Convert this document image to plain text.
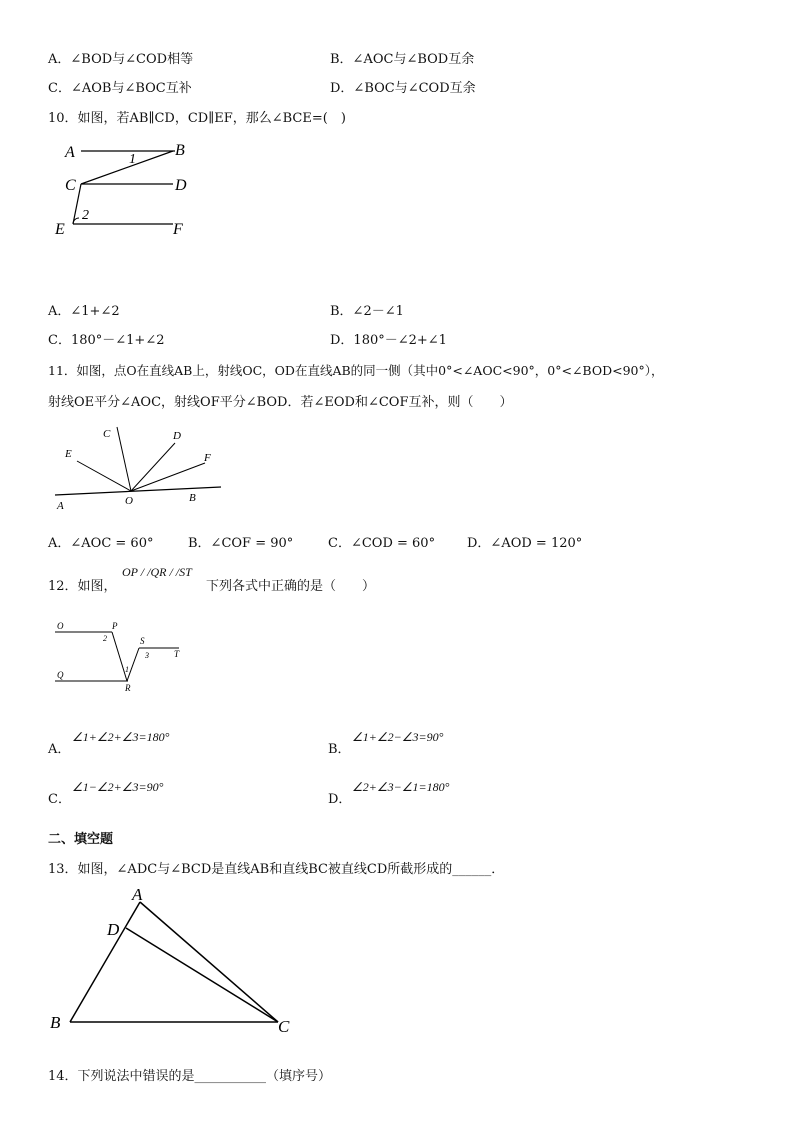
A．∠BOD与∠COD相等	B．∠AOC与∠BOD互余
C．∠AOB与∠BOC互补	D．∠BOC与∠COD互余
10．如图，若AB∥CD，CD∥EF，那么∠BCE=(　)
A	B
C	D
E	F
1
2
A．∠1+∠2	B．∠2－∠1
C．180°－∠1+∠2	D．180°－∠2+∠1
11．如图，点O在直线AB上，射线OC，OD在直线AB的同一侧（其中0°<∠AOC<90°，0°<∠BOD<90°），
射线OE平分∠AOC，射线OF平分∠BOD．若∠EOD和∠COF互补，则（　　）
A
B
C	D
E	F
O
A．∠AOC = 60°	B．∠COF = 90°	C．∠COD = 60° D．∠AOD = 120°
12．如图，
OP / /QR / /ST
下列各式中正确的是（　　）
O	P
Q
R
S
T
1
2
3
A．
∠1+∠2+∠3=180°
B．
∠1+∠2−∠3=90°
C．
∠1−∠2+∠3=90°
D．
∠2+∠3−∠1=180°
二、填空题
13．如图，∠ADC与∠BCD是直线AB和直线BC被直线CD所截形成的______．
A
D
B	C
14．下列说法中错误的是___________（填序号）
